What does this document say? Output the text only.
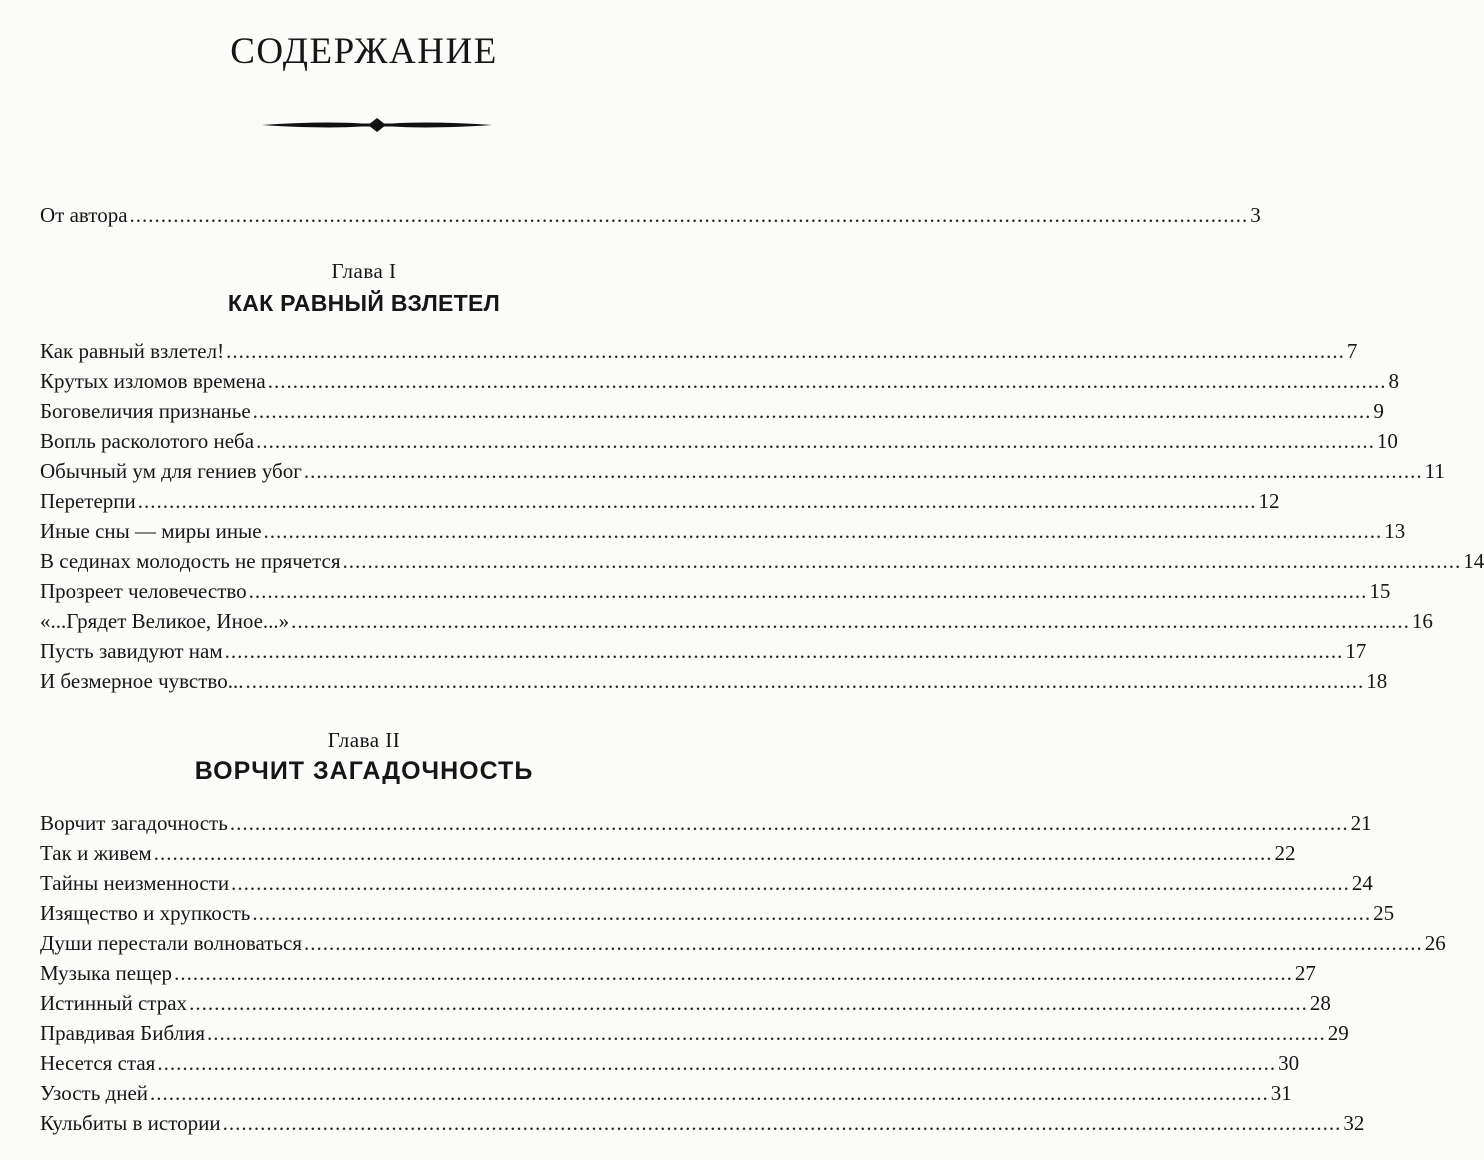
СОДЕРЖАНИЕ
От автора ................................................................................................................................................................................... 3
Глава I
КАК РАВНЫЙ ВЗЛЕТЕЛ
Как равный взлетел! ................................................................................................................................................................................... 7
Крутых изломов времена ................................................................................................................................................................................... 8
Боговеличия признанье ................................................................................................................................................................................... 9
Вопль расколотого неба ................................................................................................................................................................................... 10
Обычный ум для гениев убог ................................................................................................................................................................................... 11
Перетерпи ................................................................................................................................................................................... 12
Иные сны — миры иные ................................................................................................................................................................................... 13
В сединах молодость не прячется ................................................................................................................................................................................... 14
Прозреет человечество ................................................................................................................................................................................... 15
«...Грядет Великое, Иное...» ................................................................................................................................................................................... 16
Пусть завидуют нам ................................................................................................................................................................................... 17
И безмерное чувство... ................................................................................................................................................................................... 18
Глава II
ВОРЧИТ ЗАГАДОЧНОСТЬ
Ворчит загадочность ................................................................................................................................................................................... 21
Так и живем ................................................................................................................................................................................... 22
Тайны неизменности ................................................................................................................................................................................... 24
Изящество и хрупкость ................................................................................................................................................................................... 25
Души перестали волноваться ................................................................................................................................................................................... 26
Музыка пещер ................................................................................................................................................................................... 27
Истинный страх ................................................................................................................................................................................... 28
Правдивая Библия ................................................................................................................................................................................... 29
Несется стая ................................................................................................................................................................................... 30
Узость дней ................................................................................................................................................................................... 31
Кульбиты в истории ................................................................................................................................................................................... 32
